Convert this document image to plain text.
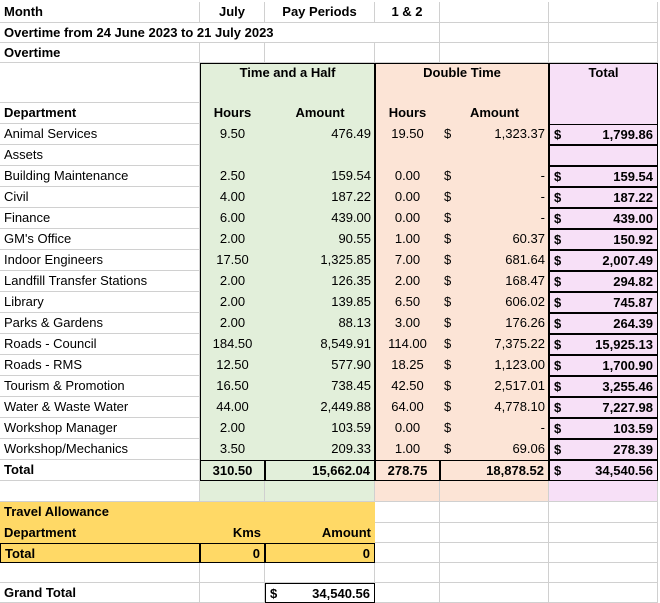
Month	July	Pay Periods	1 & 2
Overtime from 24 June 2023 to 21 July 2023
Overtime
Time and a Half	Double Time	Total
Department	Hours	Amount	Hours	Amount
Animal Services	9.50	476.49	19.50	$	1,323.37 $	1,799.86
Assets
Building Maintenance	2.50	159.54	0.00	$	- $	159.54
Civil	4.00	187.22	0.00	$	- $	187.22
Finance	6.00	439.00	0.00	$	- $	439.00
GM's Office	2.00	90.55	1.00	$	60.37 $	150.92
Indoor Engineers	17.50	1,325.85	7.00	$	681.64 $	2,007.49
Landfill Transfer Stations	2.00	126.35	2.00	$	168.47 $	294.82
Library	2.00	139.85	6.50	$	606.02 $	745.87
Parks & Gardens	2.00	88.13	3.00	$	176.26 $	264.39
Roads - Council	184.50	8,549.91	114.00	$	7,375.22 $	15,925.13
Roads - RMS	12.50	577.90	18.25	$	1,123.00 $	1,700.90
Tourism & Promotion	16.50	738.45	42.50	$	2,517.01 $	3,255.46
Water & Waste Water	44.00	2,449.88	64.00	$	4,778.10 $	7,227.98
Workshop Manager	2.00	103.59	0.00	$	- $	103.59
Workshop/Mechanics	3.50	209.33	1.00	$	69.06 $	278.39
Total	310.50	15,662.04	278.75	18,878.52 $	34,540.56
Travel Allowance
Department	Kms	Amount
Total	0	0
Grand Total	$	34,540.56
